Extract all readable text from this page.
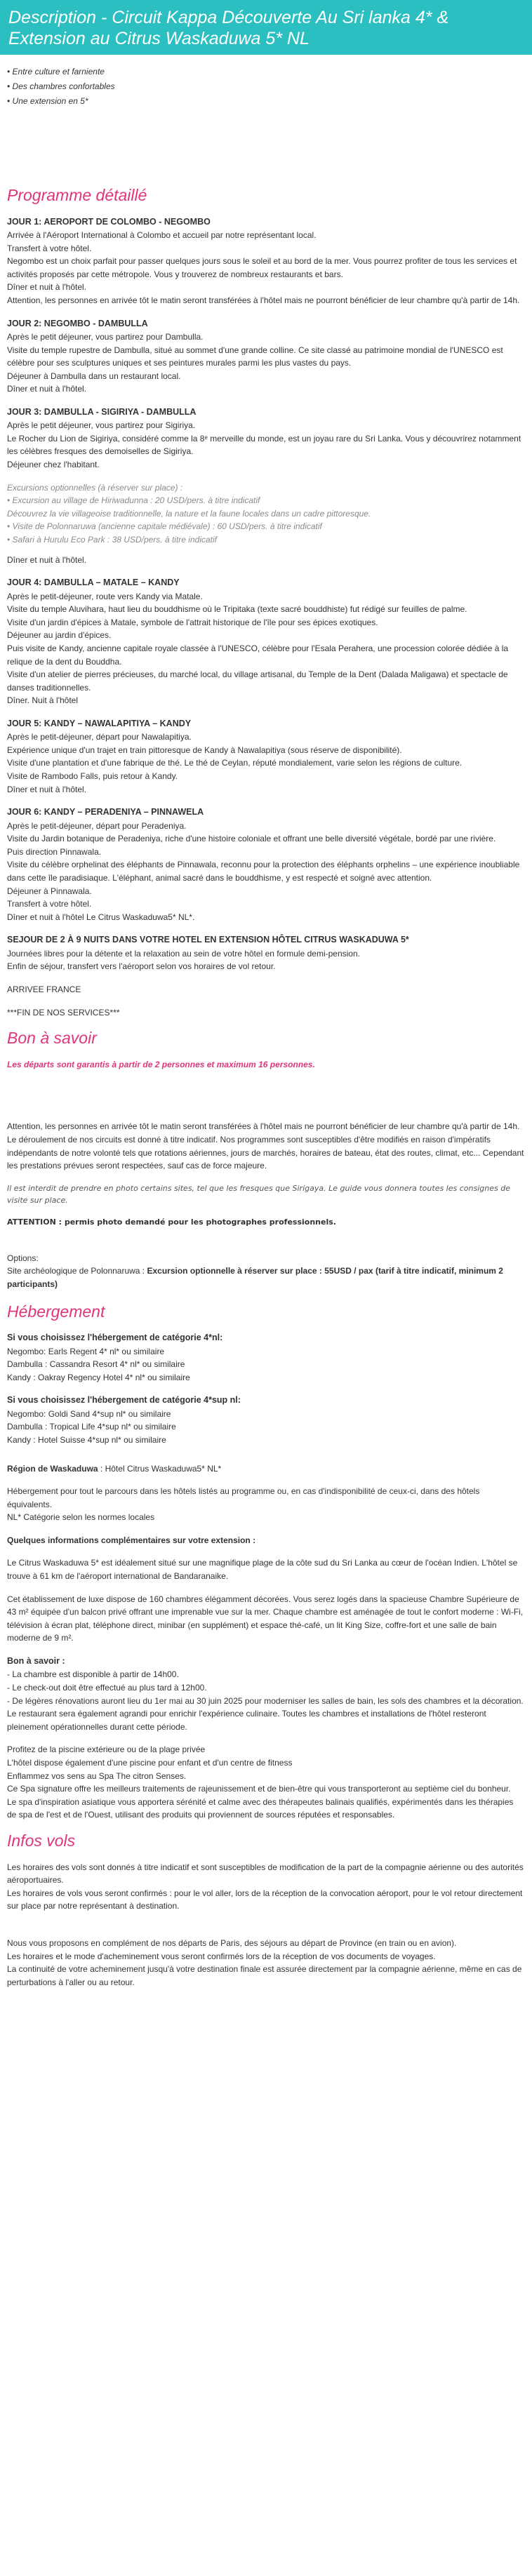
Description - Circuit Kappa Découverte Au Sri lanka 4* & Extension au Citrus Waskaduwa 5* NL
• Entre culture et farniente
• Des chambres confortables
• Une extension en 5*
Programme détaillé
JOUR 1: AEROPORT DE COLOMBO - NEGOMBO

Arrivée à l'Aéroport International à Colombo et accueil par notre représentant local.

Transfert à votre hôtel.

Negombo est un choix parfait pour passer quelques jours sous le soleil et au bord de la mer. Vous pourrez profiter de tous les services et activités proposés par cette métropole. Vous y trouverez de nombreux restaurants et bars.

Dîner et nuit à l'hôtel.

Attention, les personnes en arrivée tôt le matin seront transférées à l'hôtel mais ne pourront bénéficier de leur chambre qu'à partir de 14h.

JOUR 2: NEGOMBO - DAMBULLA

Après le petit déjeuner, vous partirez pour Dambulla.

Visite du temple rupestre de Dambulla, situé au sommet d'une grande colline. Ce site classé au patrimoine mondial de l'UNESCO est célèbre pour ses sculptures uniques et ses peintures murales parmi les plus vastes du pays.

Déjeuner à Dambulla dans un restaurant local.

Dîner et nuit à l'hôtel.

JOUR 3: DAMBULLA - SIGIRIYA - DAMBULLA

Après le petit déjeuner, vous partirez pour Sigiriya.

Le Rocher du Lion de Sigiriya, considéré comme la 8ᵉ merveille du monde, est un joyau rare du Sri Lanka. Vous y découvrirez notamment les célèbres fresques des demoiselles de Sigiriya.

Déjeuner chez l'habitant.

Excursions optionnelles (à réserver sur place) :
• Excursion au village de Hiriwadunna : 20 USD/pers. à titre indicatif
Découvrez la vie villageoise traditionnelle, la nature et la faune locales dans un cadre pittoresque.
• Visite de Polonnaruwa (ancienne capitale médiévale) : 60 USD/pers. à titre indicatif
• Safari à Hurulu Eco Park : 38 USD/pers. à titre indicatif

Dîner et nuit à l'hôtel.

JOUR 4: DAMBULLA – MATALE – KANDY

Après le petit-déjeuner, route vers Kandy via Matale.

Visite du temple Aluvihara, haut lieu du bouddhisme où le Tripitaka (texte sacré bouddhiste) fut rédigé sur feuilles de palme.

Visite d'un jardin d'épices à Matale, symbole de l'attrait historique de l'île pour ses épices exotiques.

Déjeuner au jardin d'épices.

Puis visite de Kandy, ancienne capitale royale classée à l'UNESCO, célèbre pour l'Esala Perahera, une procession colorée dédiée à la relique de la dent du Bouddha.

Visite d'un atelier de pierres précieuses, du marché local, du village artisanal, du Temple de la Dent (Dalada Maligawa) et spectacle de danses traditionnelles.

Dîner. Nuit à l'hôtel

JOUR 5: KANDY – NAWALAPITIYA – KANDY

Après le petit-déjeuner, départ pour Nawalapitiya.

Expérience unique d'un trajet en train pittoresque de Kandy à Nawalapitiya (sous réserve de disponibilité).

Visite d'une plantation et d'une fabrique de thé. Le thé de Ceylan, réputé mondialement, varie selon les régions de culture.

Visite de Rambodo Falls, puis retour à Kandy.

Dîner et nuit à l'hôtel.

JOUR 6: KANDY – PERADENIYA – PINNAWELA

Après le petit-déjeuner, départ pour Peradeniya.

Visite du Jardin botanique de Peradeniya, riche d'une histoire coloniale et offrant une belle diversité végétale, bordé par une rivière.

Puis direction Pinnawala.

Visite du célèbre orphelinat des éléphants de Pinnawala, reconnu pour la protection des éléphants orphelins – une expérience inoubliable dans cette île paradisiaque. L'éléphant, animal sacré dans le bouddhisme, y est respecté et soigné avec attention.

Déjeuner à Pinnawala.

Transfert à votre hôtel.

Dîner et nuit à l'hôtel Le Citrus Waskaduwa5* NL*.

SEJOUR DE 2 À 9 NUITS DANS VOTRE HOTEL EN EXTENSION HÔTEL CITRUS WASKADUWA 5*

Journées libres pour la détente et la relaxation au sein de votre hôtel en formule demi-pension.

Enfin de séjour, transfert vers l'aéroport selon vos horaires de vol retour.

ARRIVEE FRANCE

***FIN DE NOS SERVICES***

Bon à savoir

Les départs sont garantis à partir de 2 personnes et maximum 16 personnes.

Attention, les personnes en arrivée tôt le matin seront transférées à l'hôtel mais ne pourront bénéficier de leur chambre qu'à partir de 14h.

Le déroulement de nos circuits est donné à titre indicatif. Nos programmes sont susceptibles d'être modifiés en raison d'impératifs indépendants de notre volonté tels que rotations aériennes, jours de marchés, horaires de bateau, état des routes, climat, etc... Cependant les prestations prévues seront respectées, sauf cas de force majeure.

Il est interdit de prendre en photo certains sites, tel que les fresques que Sirigaya. Le guide vous donnera toutes les consignes de visite sur place.

ATTENTION : permis photo demandé pour les photographes professionnels.

Options:
Site archéologique de Polonnaruwa : Excursion optionnelle à réserver sur place : 55USD / pax (tarif à titre indicatif, minimum 2 participants)

Hébergement
Si vous choisissez l'hébergement de catégorie 4*nl:

Negombo: Earls Regent 4* nl* ou similaire

Dambulla : Cassandra Resort 4* nl* ou similaire

Kandy : Oakray Regency Hotel 4* nl* ou similaire

Si vous choisissez l'hébergement de catégorie 4*sup nl:

Negombo: Goldi Sand 4*sup nl* ou similaire

Dambulla : Tropical Life 4*sup nl* ou similaire

Kandy : Hotel Suisse 4*sup nl* ou similaire

Région de Waskaduwa : Hôtel Citrus Waskaduwa5* NL*

Hébergement pour tout le parcours dans les hôtels listés au programme ou, en cas d'indisponibilité de ceux-ci, dans des hôtels équivalents.

NL* Catégorie selon les normes locales

Quelques informations complémentaires sur votre extension :

Le Citrus Waskaduwa 5* est idéalement situé sur une magnifique plage de la côte sud du Sri Lanka au cœur de l'océan Indien. L'hôtel se trouve à 61 km de l'aéroport international de Bandaranaike.

Cet établissement de luxe dispose de 160 chambres élégamment décorées. Vous serez logés dans la spacieuse Chambre Supérieure de 43 m² équipée d'un balcon privé offrant une imprenable vue sur la mer. Chaque chambre est aménagée de tout le confort moderne : Wi-Fi, télévision à écran plat, téléphone direct, minibar (en supplément) et espace thé-café, un lit King Size, coffre-fort et une salle de bain moderne de 9 m².

Bon à savoir :

- La chambre est disponible à partir de 14h00.

- Le check-out doit être effectué au plus tard à 12h00.

- De légères rénovations auront lieu du 1er mai au 30 juin 2025 pour moderniser les salles de bain, les sols des chambres et la décoration. Le restaurant sera également agrandi pour enrichir l'expérience culinaire. Toutes les chambres et installations de l'hôtel resteront pleinement opérationnelles durant cette période.

Profitez de la piscine extérieure ou de la plage privée

L'hôtel dispose également d'une piscine pour enfant et d'un centre de fitness

Enflammez vos sens au Spa The citron Senses.

Ce Spa signature offre les meilleurs traitements de rajeunissement et de bien-être qui vous transporteront au septième ciel du bonheur.

Le spa d'inspiration asiatique vous apportera sérénité et calme avec des thérapeutes balinais qualifiés, expérimentés dans les thérapies de spa de l'est et de l'Ouest, utilisant des produits qui proviennent de sources réputées et responsables.

Infos vols

Les horaires des vols sont donnés à titre indicatif et sont susceptibles de modification de la part de la compagnie aérienne ou des autorités aéroportuaires.

Les horaires de vols vous seront confirmés : pour le vol aller, lors de la réception de la convocation aéroport, pour le vol retour directement sur place par notre représentant à destination.

Nous vous proposons en complément de nos départs de Paris, des séjours au départ de Province (en train ou en avion).

Les horaires et le mode d'acheminement vous seront confirmés lors de la réception de vos documents de voyages.

La continuité de votre acheminement jusqu'à votre destination finale est assurée directement par la compagnie aérienne, même en cas de perturbations à l'aller ou au retour.
